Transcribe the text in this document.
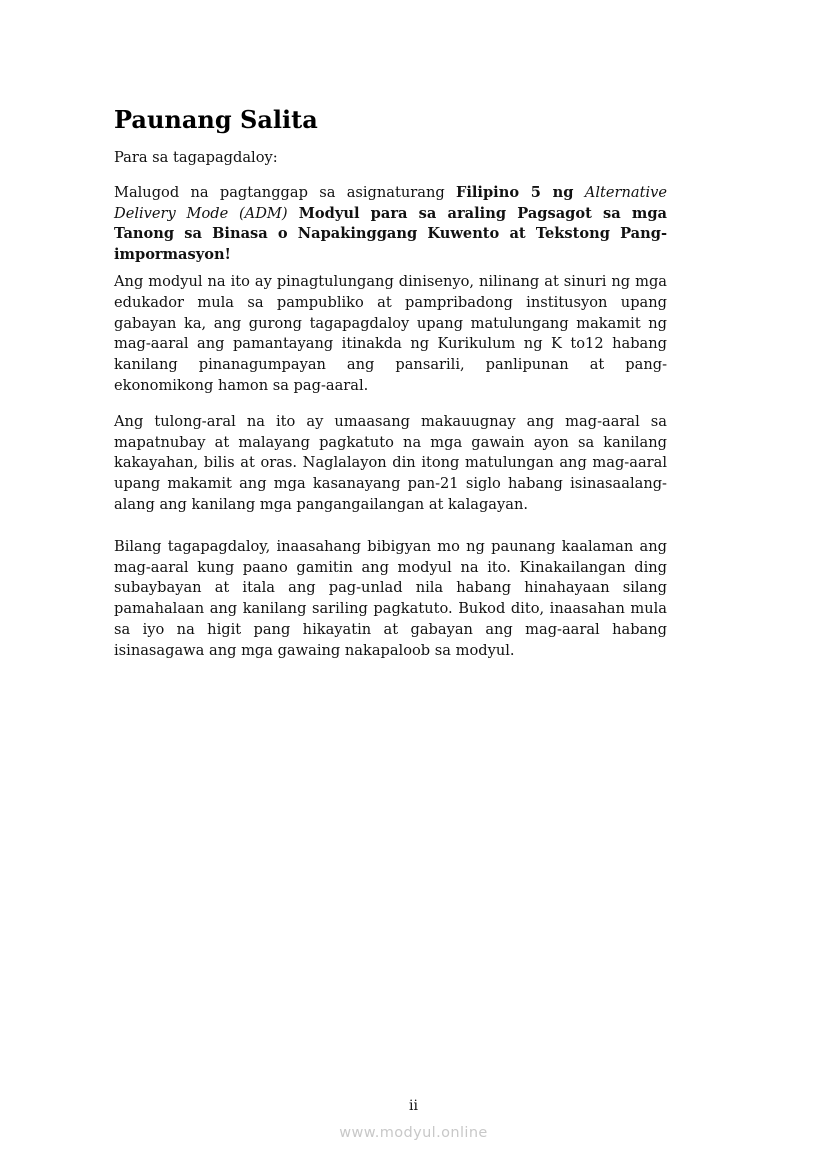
Paunang Salita

Para sa tagapagdaloy:

Malugod na pagtanggap sa asignaturang Filipino 5 ng Alternative Delivery Mode (ADM) Modyul para sa araling Pagsagot sa mga Tanong sa Binasa o Napakinggang Kuwento at Tekstong Pang-impormasyon!

Ang modyul na ito ay pinagtulungang dinisenyo, nilinang at sinuri ng mga edukador mula sa pampubliko at pampribadong institusyon upang gabayan ka, ang gurong tagapagdaloy upang matulungang makamit ng mag-aaral ang pamantayang itinakda ng Kurikulum ng K to12 habang kanilang pinanagumpayan ang pansarili, panlipunan at pang-ekonomikong hamon sa pag-aaral.

Ang tulong-aral na ito ay umaasang makauugnay ang mag-aaral sa mapatnubay at malayang pagkatuto na mga gawain ayon sa kanilang kakayahan, bilis at oras. Naglalayon din itong matulungan ang mag-aaral upang makamit ang mga kasanayang pan-21 siglo habang isinasaalang-alang ang kanilang mga pangangailangan at kalagayan.

Bilang tagapagdaloy, inaasahang bibigyan mo ng paunang kaalaman ang mag-aaral kung paano gamitin ang modyul na ito. Kinakailangan ding subaybayan at itala ang pag-unlad nila habang hinahayaan silang pamahalaan ang kanilang sariling pagkatuto. Bukod dito, inaasahan mula sa iyo na higit pang hikayatin at gabayan ang mag-aaral habang isinasagawa ang mga gawaing nakapaloob sa modyul.

ii
www.modyul.online
